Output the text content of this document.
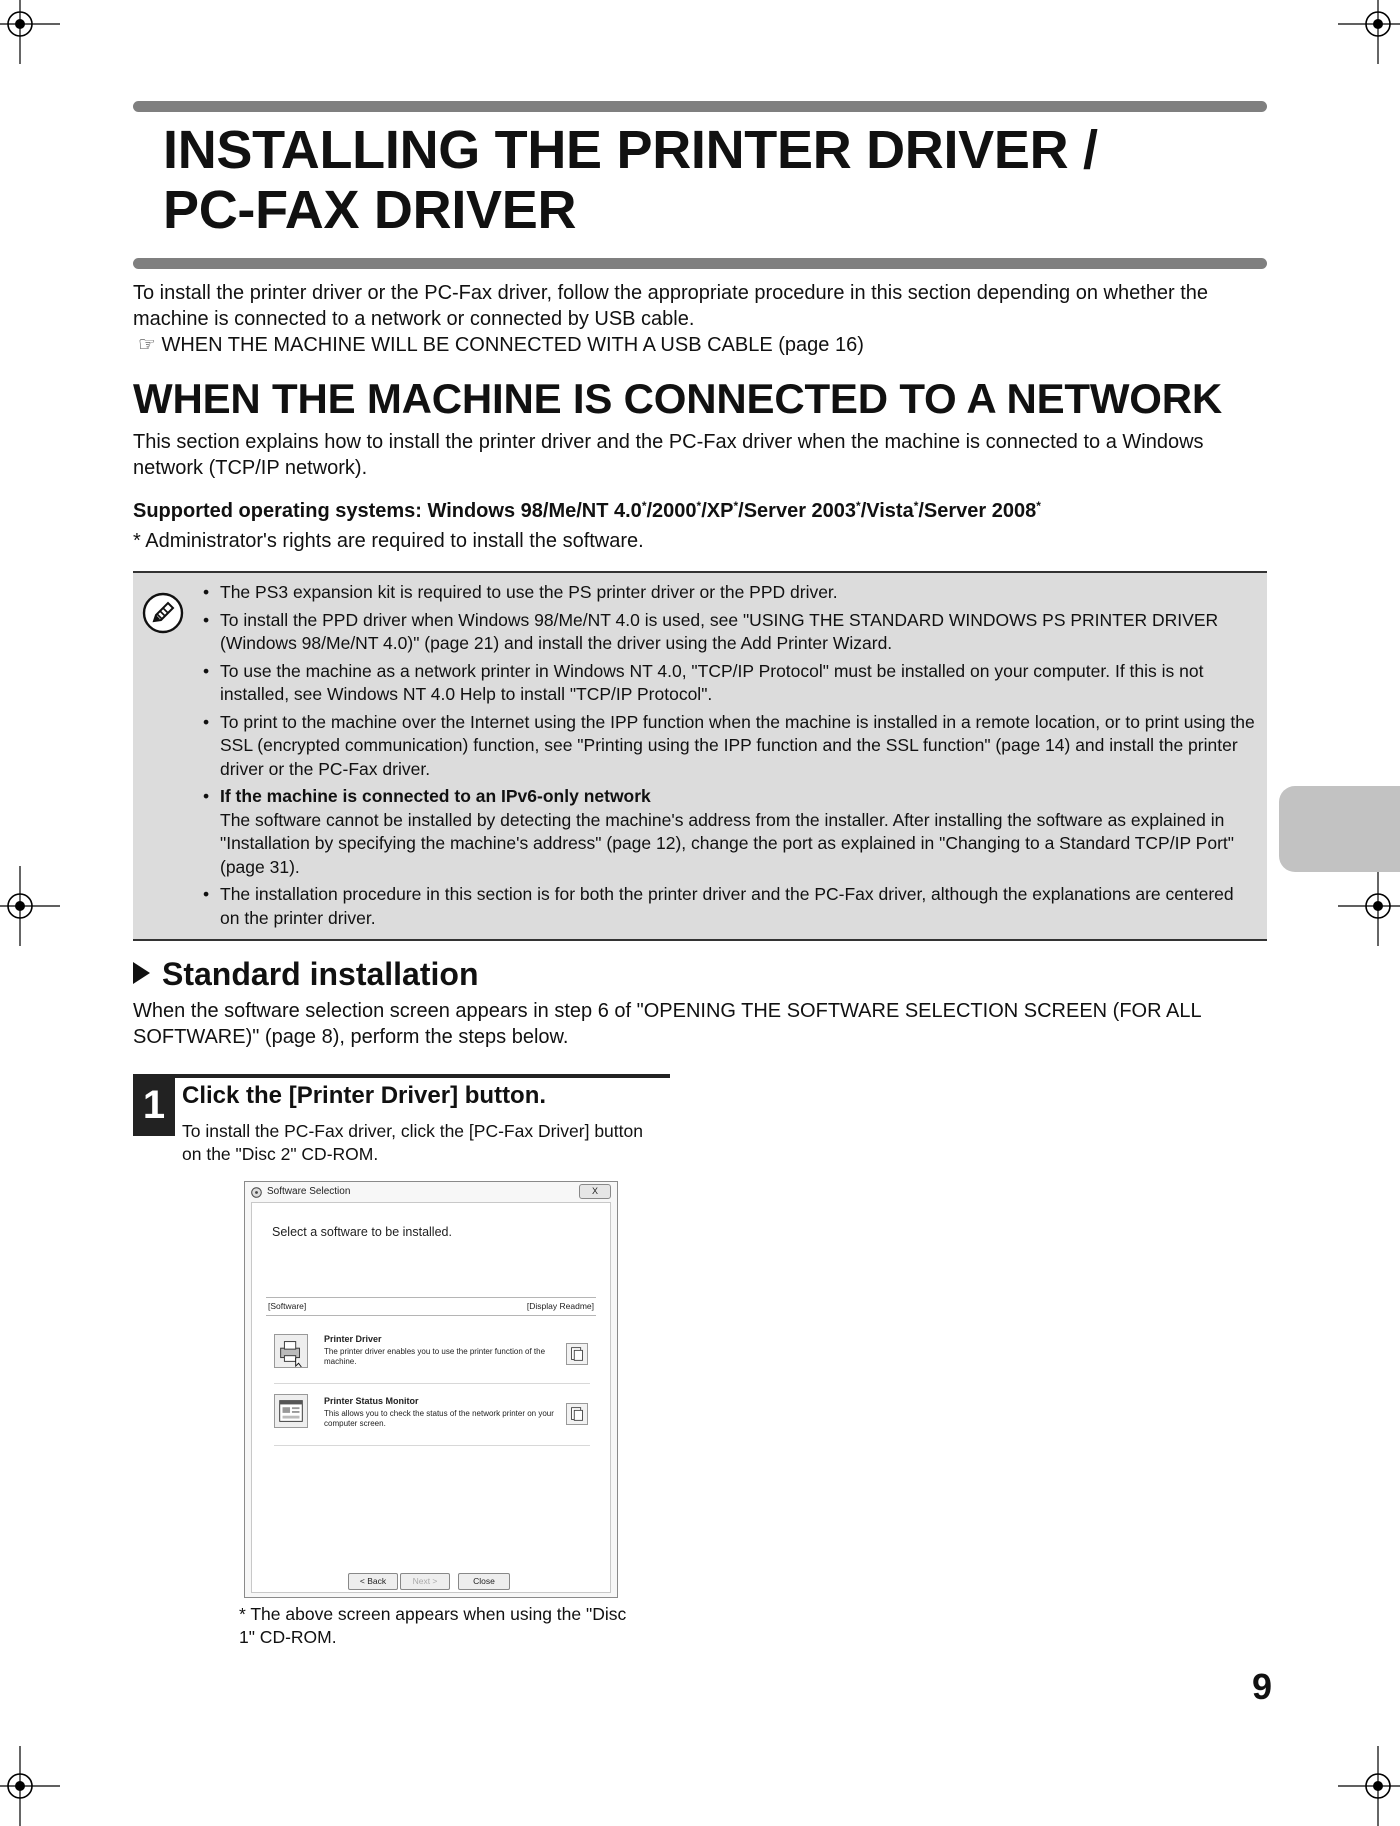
INSTALLING THE PRINTER DRIVER /
PC-FAX DRIVER

To install the printer driver or the PC-Fax driver, follow the appropriate procedure in this section depending on whether the machine is connected to a network or connected by USB cable.

☞ WHEN THE MACHINE WILL BE CONNECTED WITH A USB CABLE (page 16)
WHEN THE MACHINE IS CONNECTED TO A NETWORK

This section explains how to install the printer driver and the PC-Fax driver when the machine is connected to a Windows network (TCP/IP network).

Supported operating systems: Windows 98/Me/NT 4.0*/2000*/XP*/Server 2003*/Vista*/Server 2008*
* Administrator's rights are required to install the software.
• The PS3 expansion kit is required to use the PS printer driver or the PPD driver.
• To install the PPD driver when Windows 98/Me/NT 4.0 is used, see "USING THE STANDARD WINDOWS PS PRINTER DRIVER (Windows 98/Me/NT 4.0)" (page 21) and install the driver using the Add Printer Wizard.
• To use the machine as a network printer in Windows NT 4.0, "TCP/IP Protocol" must be installed on your computer. If this is not installed, see Windows NT 4.0 Help to install "TCP/IP Protocol".
• To print to the machine over the Internet using the IPP function when the machine is installed in a remote location, or to print using the SSL (encrypted communication) function, see "Printing using the IPP function and the SSL function" (page 14) and install the printer driver or the PC-Fax driver.
• If the machine is connected to an IPv6-only network
The software cannot be installed by detecting the machine's address from the installer. After installing the software as explained in "Installation by specifying the machine's address" (page 12), change the port as explained in "Changing to a Standard TCP/IP Port" (page 31).
• The installation procedure in this section is for both the printer driver and the PC-Fax driver, although the explanations are centered on the printer driver.
Standard installation

When the software selection screen appears in step 6 of "OPENING THE SOFTWARE SELECTION SCREEN (FOR ALL SOFTWARE)" (page 8), perform the steps below.

1 Click the [Printer Driver] button.

To install the PC-Fax driver, click the [PC-Fax Driver] button on the "Disc 2" CD-ROM.

Software Selection	X
Select a software to be installed.
[Software]	[Display Readme]
Printer Driver
The printer driver enables you to use the printer function of the machine.
Printer Status Monitor
This allows you to check the status of the network printer on your computer screen.
< Back	Next >	Close

* The above screen appears when using the "Disc 1" CD-ROM.

9
